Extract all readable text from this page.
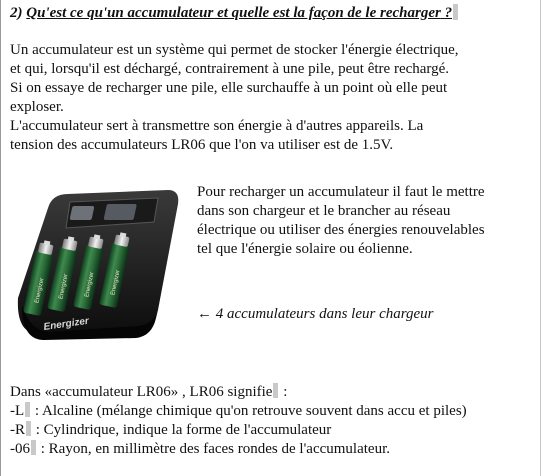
2) Qu'est ce qu'un accumulateur et quelle est la façon de le recharger ?
Un accumulateur est un système qui permet de stocker l'énergie électrique,
et qui, lorsqu'il est déchargé, contrairement à une pile, peut être rechargé.
Si on essaye de recharger une pile, elle surchauffe à un point où elle peut
exploser.
L'accumulateur sert à transmettre son énergie à d'autres appareils. La
tension des accumulateurs LR06 que l'on va utiliser est de 1.5V.
Energizer Energizer Energizer Energizer
Energizer
Pour recharger un accumulateur il faut le mettre
dans son chargeur et le brancher au réseau
électrique ou utiliser des énergies renouvelables
tel que l'énergie solaire ou éolienne.
← 4 accumulateurs dans leur chargeur
Dans «accumulateur LR06» , LR06 signifie :
-L : Alcaline (mélange chimique qu'on retrouve souvent dans accu et piles)
-R : Cylindrique, indique la forme de l'accumulateur
-06 : Rayon, en millimètre des faces rondes de l'accumulateur.
